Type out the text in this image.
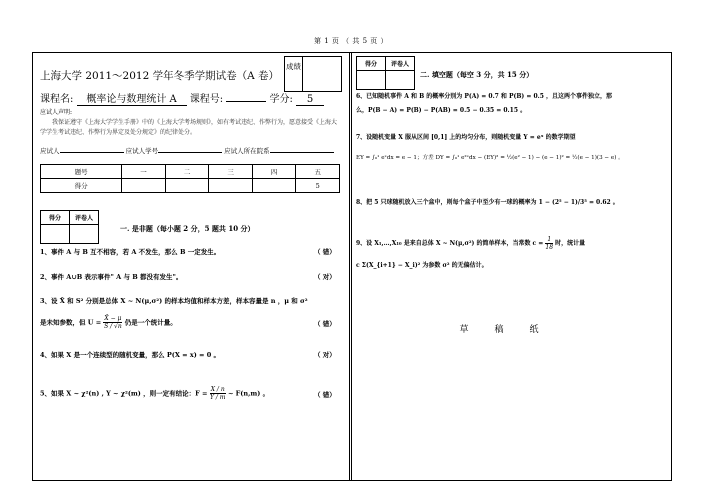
第 1 页 （ 共 5 页 ）
上海大学 2011～2012 学年冬季学期试卷（A 卷）
成绩
课程名: 概率论与数理统计 A 课程号:	学分: 5
应试人声明:

我保证遵守《上海大学学生手册》中的《上海大学考场规则》，如有考试违纪、作弊行为，愿意接受《上海大学学生考试违纪、作弊行为界定及处分规定》的纪律处分。

应试人	应试人学号	应试人所在院系
题号	一	二	三	四	五
得分					5
得分	评卷人

一. 是非题（每小题 2 分，5 题共 10 分）
1、事件 A 与 B 互不相容，若 A 不发生，那么 B 一定发生。	（ 错）
2、事件 A∪B 表示事件" A 与 B 都没有发生"。	（ 对）
3、设 X̄ 和 S² 分别是总体 X ~ N(μ,σ²) 的样本均值和样本方差，样本容量是 n ，μ 和 σ²
是未知参数，但 $U = \frac{X̄ - \mu}{S / √n}$ 仍是一个统计量。	（ 错）
4、如果 X 是一个连续型的随机变量，那么 P(X = x) = 0 。	（ 对）
5、如果 X ~ χ²(n) , Y ~ χ²(m) ，则一定有结论：$F = \frac{X / n}{Y / m}$ ~ F(n,m) 。	（ 错）
得分	评卷人

二. 填空题（每空 3 分，共 15 分）
6、已知随机事件 A 和 B 的概率分别为 P(A) = 0.7 和 P(B) = 0.5 ，且这两个事件独立，那
么，P(B − A) = P(B) − P(AB) = 0.5 − 0.35 = 0.15 。
7、设随机变量 X 服从区间 [0,1] 上的均匀分布，则随机变量 Y = eˣ 的数学期望
EY = ∫₀¹ eˣdx = e − 1；方差 DY = ∫₀¹ e²ˣdx − (EY)² = ½(e² − 1) − (e − 1)² = ½(e − 1)(3 − e) 。
8、把 5 只球随机放入三个盒中，则每个盒子中至少有一球的概率为 1 − (2⁵ − 1)/3⁵ = 0.62 。
9、设 X₁,…,X₁₀ 是来自总体 X ~ N(μ,σ²) 的简单样本，当常数 $c = \frac{1}{18}$ 时，统计量
c Σ(X_{i+1} − X_i)² 为参数 σ² 的无偏估计。
草稿纸
